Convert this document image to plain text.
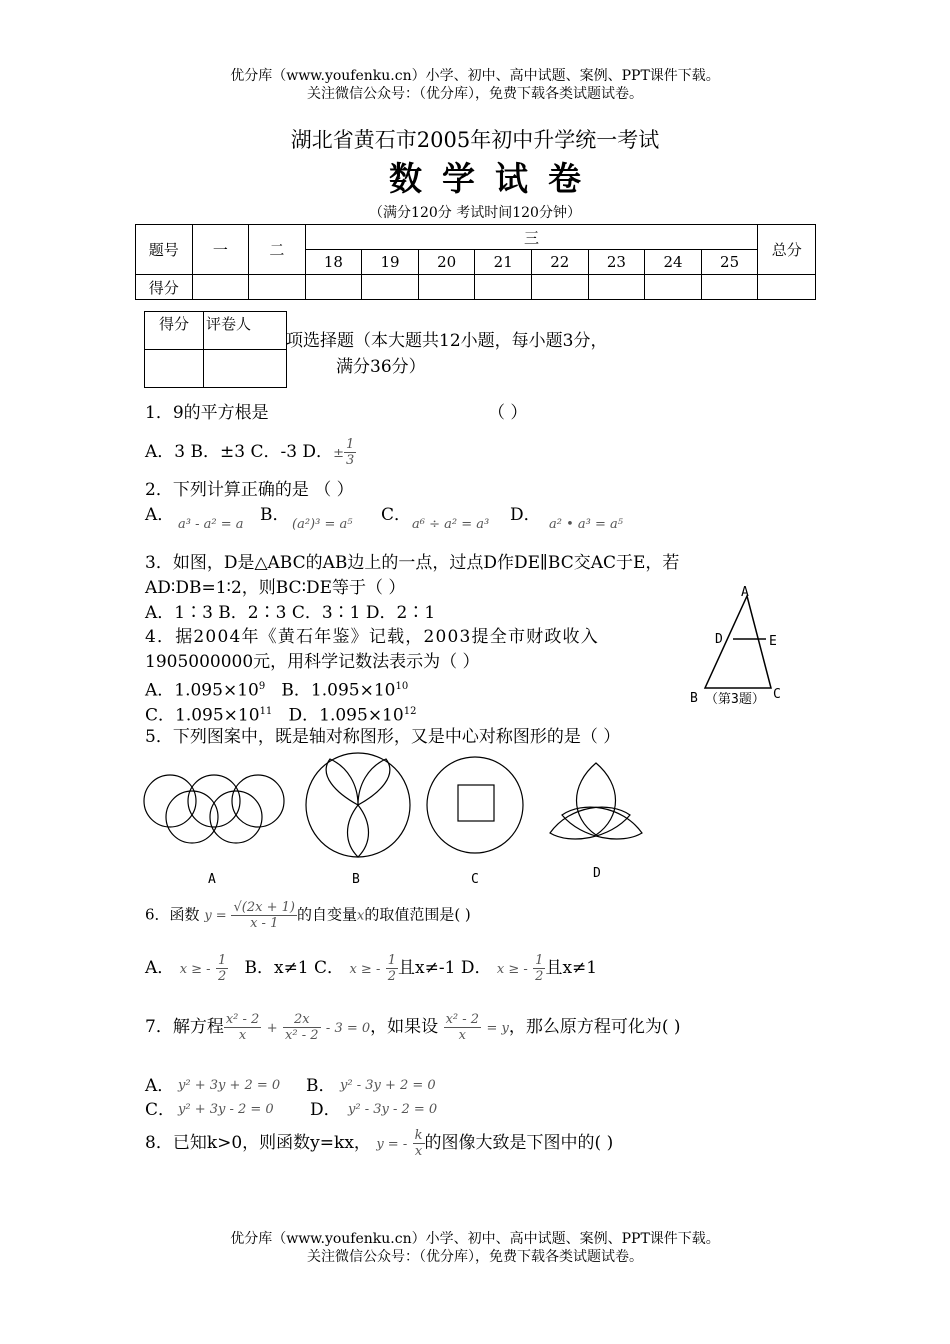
优分库（www.youfenku.cn）小学、初中、高中试题、案例、PPT课件下载。
关注微信公众号：（优分库），免费下载各类试题试卷。
湖北省黄石市2005年初中升学统一考试
数学试卷
（满分120分 考试时间120分钟）
题号	一	二	三								总分
			18	19	20	21	22	23	24	25	
得分											
得分	评卷人

项选择题（本大题共12小题，每小题3分，
满分36分）
1．9的平方根是	（ ）
A．3 B．±3 C．-3 D．± $\frac{1}{3}$
2．下列计算正确的是 （ ）
A． a³ - a² = a B． (a²)³ = a⁵ C． a⁶ ÷ a² = a³ D． a² • a³ = a⁵
3．如图，D是△ABC的AB边上的一点，过点D作DE∥BC交AC于E，若
AD∶DB=1∶2，则BC∶DE等于（ ）
A．1∶3 B．2∶3 C．3∶1 D．2∶1
A
D	E
B	C
（第3题）
4．据2004年《黄石年鉴》记载，2003提全市财政收入
1905000000元，用科学记数法表示为（ ）
A．$1.095\times 10^9$ B．$1.095\times 10^{10}$
C．$1.095\times 10^{11}$ D．$1.095\times 10^{12}$
5．下列图案中，既是轴对称图形，又是中心对称图形的是（ ）
A	B	C	D
6．函数 $y = \frac{√(2x + 1)}{x - 1}$ 的自变量x的取值范围是( )
A． x ≥ - $\frac{1}{2}$ B．x≠1 C． x ≥ - $\frac{1}{2}$ 且x≠-1 D． x ≥ - $\frac{1}{2}$ 且x≠1
7．解方程 $\frac{\text{x² - 2}}{x} + \frac{2x}{\text{x² - 2}} - 3 = 0$，如果设 $\frac{\text{x² - 2}}{x} = y$，那么原方程可化为( )
A． y² + 3y + 2 = 0 B． y² - 3y + 2 = 0
C． y² + 3y - 2 = 0 D． y² - 3y - 2 = 0
8．已知k>0，则函数y=kx， y = - $\frac{k}{x}$ 的图像大致是下图中的( )
优分库（www.youfenku.cn）小学、初中、高中试题、案例、PPT课件下载。
关注微信公众号：（优分库），免费下载各类试题试卷。
